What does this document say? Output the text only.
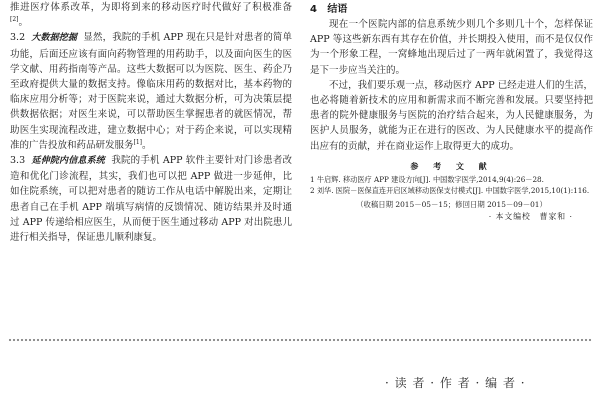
推进医疗体系改革，为即将到来的移动医疗时代做好了积极准备[2]。

3.2 大数据挖掘 显然，我院的手机 APP 现在只是针对患者的简单功能，后面还应该有面向药物管理的用药助手，以及面向医生的医学文献、用药指南等产品。这些大数据可以为医院、医生、药企乃至政府提供大量的数据支持。像临床用药的数据对比，基本药物的临床应用分析等；对于医院来说，通过大数据分析，可为决策层提供数据依据；对医生来说，可以帮助医生掌握患者的就医情况，帮助医生实现流程改进，建立数据中心；对于药企来说，可以实现精准的广告投放和药品研发服务[1]。

3.3 延伸院内信息系统 我院的手机 APP 软件主要针对门诊患者改造和优化门诊流程，其实，我们也可以把 APP 做进一步延伸，比如住院系统，可以把对患者的随访工作从电话中解脱出来，定期让患者自己在手机 APP 端填写病情的反馈情况、随访结果并及时通过 APP 传递给相应医生，从而便于医生通过移动 APP 对出院患儿进行相关指导，保证患儿顺利康复。

4 结语

现在一个医院内部的信息系统少则几个多则几十个，怎样保证 APP 等这些新东西有其存在价值，并长期投入使用，而不是仅仅作为一个形象工程，一窝蜂地出现后过了一两年就闲置了，我觉得这是下一步应当关注的。

不过，我们要乐观一点，移动医疗 APP 已经走进人们的生活，也必将随着新技术的应用和新需求而不断完善和发展。只要坚持把患者的院外健康服务与医院的治疗结合起来，为人民健康服务，为医护人员服务，就能为正在进行的医改、为人民健康水平的提高作出应有的贡献，并在商业运作上取得更大的成功。

参 考 文 献
1 牛启辉. 移动医疗 APP 建设方向[J]. 中国数字医学,2014,9(4):26－28.
2 刘华. 医院－医保直连开启区域移动医保支付模式[J]. 中国数字医学,2015,10(1):116.
（收稿日期 2015－05－15；修回日期 2015－09－01）
· 本文编校　曹家和 ·
· 读 者 · 作 者 · 编 者 ·
